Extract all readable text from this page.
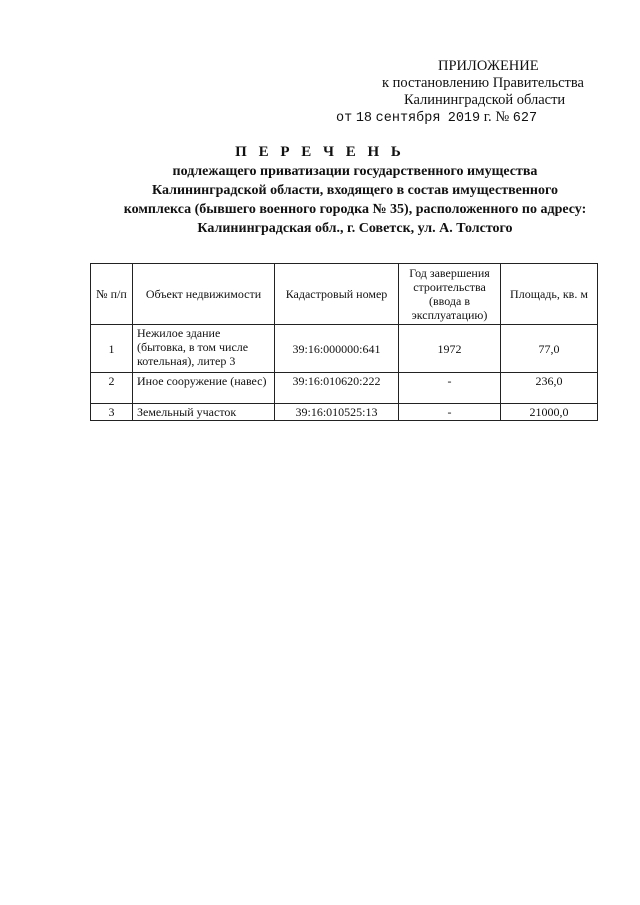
ПРИЛОЖЕНИЕ
к постановлению Правительства
Калининградской области
от 18 сентября 2019 г. № 627
П Е Р Е Ч Е Н Ь
подлежащего приватизации государственного имущества
Калининградской области, входящего в состав имущественного
комплекса (бывшего военного городка № 35), расположенного по адресу:
Калининградская обл., г. Советск, ул. А. Толстого
№ п/п	Объект недвижимости	Кадастровый номер	Год завершения строительства (ввода в эксплуатацию)	Площадь, кв. м
1	Нежилое здание (бытовка, в том числе котельная), литер 3	39:16:000000:641	1972	77,0
2	Иное сооружение (навес)	39:16:010620:222	-	236,0
3	Земельный участок	39:16:010525:13	-	21000,0
